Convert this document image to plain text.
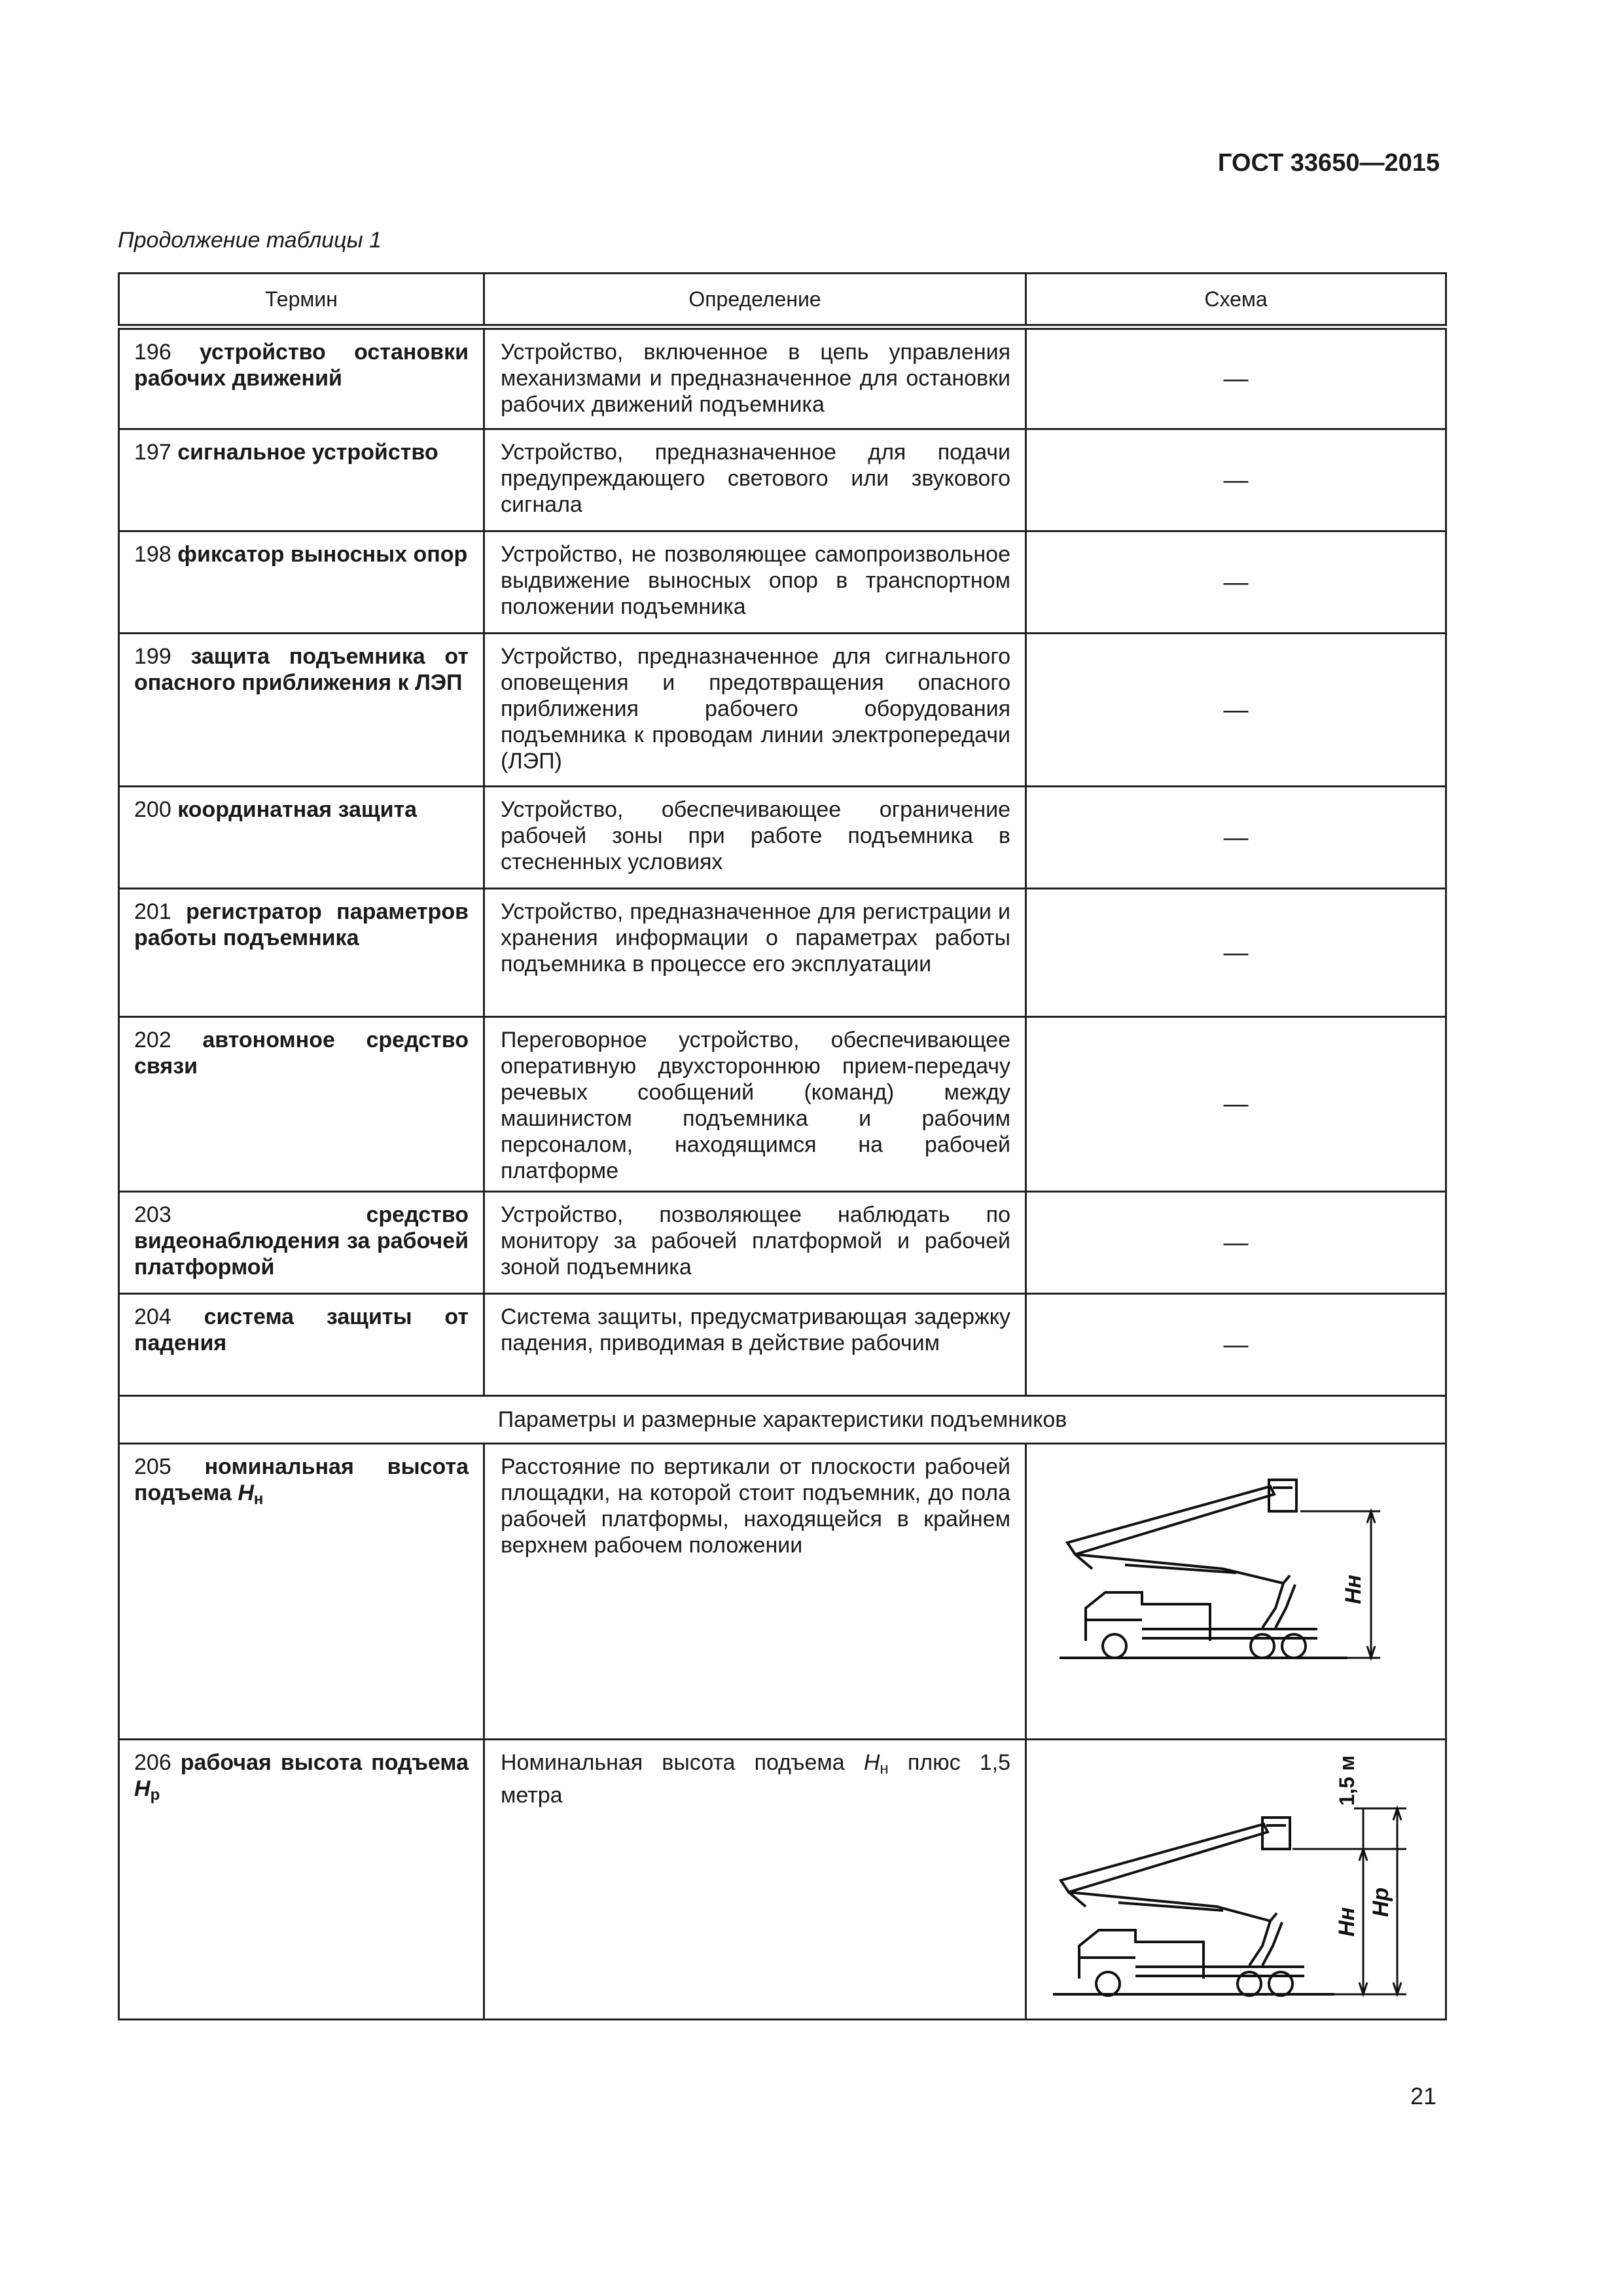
ГОСТ 33650—2015
Продолжение таблицы 1
Термин	Определение	Схема
196 устройство остановки рабочих движений	Устройство, включенное в цепь управления механизмами и предназначенное для остановки рабочих движений подъемника	—
197 сигнальное устройство	Устройство, предназначенное для подачи предупреждающего светового или звукового сигнала	—
198 фиксатор выносных опор	Устройство, не позволяющее самопроизвольное выдвижение выносных опор в транспортном положении подъемника	—
199 защита подъемника от опасного приближения к ЛЭП	Устройство, предназначенное для сигнального оповещения и предотвращения опасного приближения рабочего оборудования подъемника к проводам линии электропередачи (ЛЭП)	—
200 координатная защита	Устройство, обеспечивающее ограничение рабочей зоны при работе подъемника в стесненных условиях	—
201 регистратор параметров работы подъемника	Устройство, предназначенное для регистрации и хранения информации о параметрах работы подъемника в процессе его эксплуатации	—
202 автономное средство связи	Переговорное устройство, обеспечивающее оперативную двухстороннюю прием-передачу речевых сообщений (команд) между машинистом подъемника и рабочим персоналом, находящимся на рабочей платформе	—
203 средство видеонаблюдения за рабочей платформой	Устройство, позволяющее наблюдать по монитору за рабочей платформой и рабочей зоной подъемника	—
204 система защиты от падения	Система защиты, предусматривающая задержку падения, приводимая в действие рабочим	—
Параметры и размерные характеристики подъемников		
205 номинальная высота подъема $H_н$	Расстояние по вертикали от плоскости рабочей площадки, на которой стоит подъемник, до пола рабочей платформы, находящейся в крайнем верхнем рабочем положении	Hн

206 рабочая высота подъема $H_р$	Номинальная высота подъема $H_н$ плюс 1,5 метра	1,5 м
Hн
Hр
21
